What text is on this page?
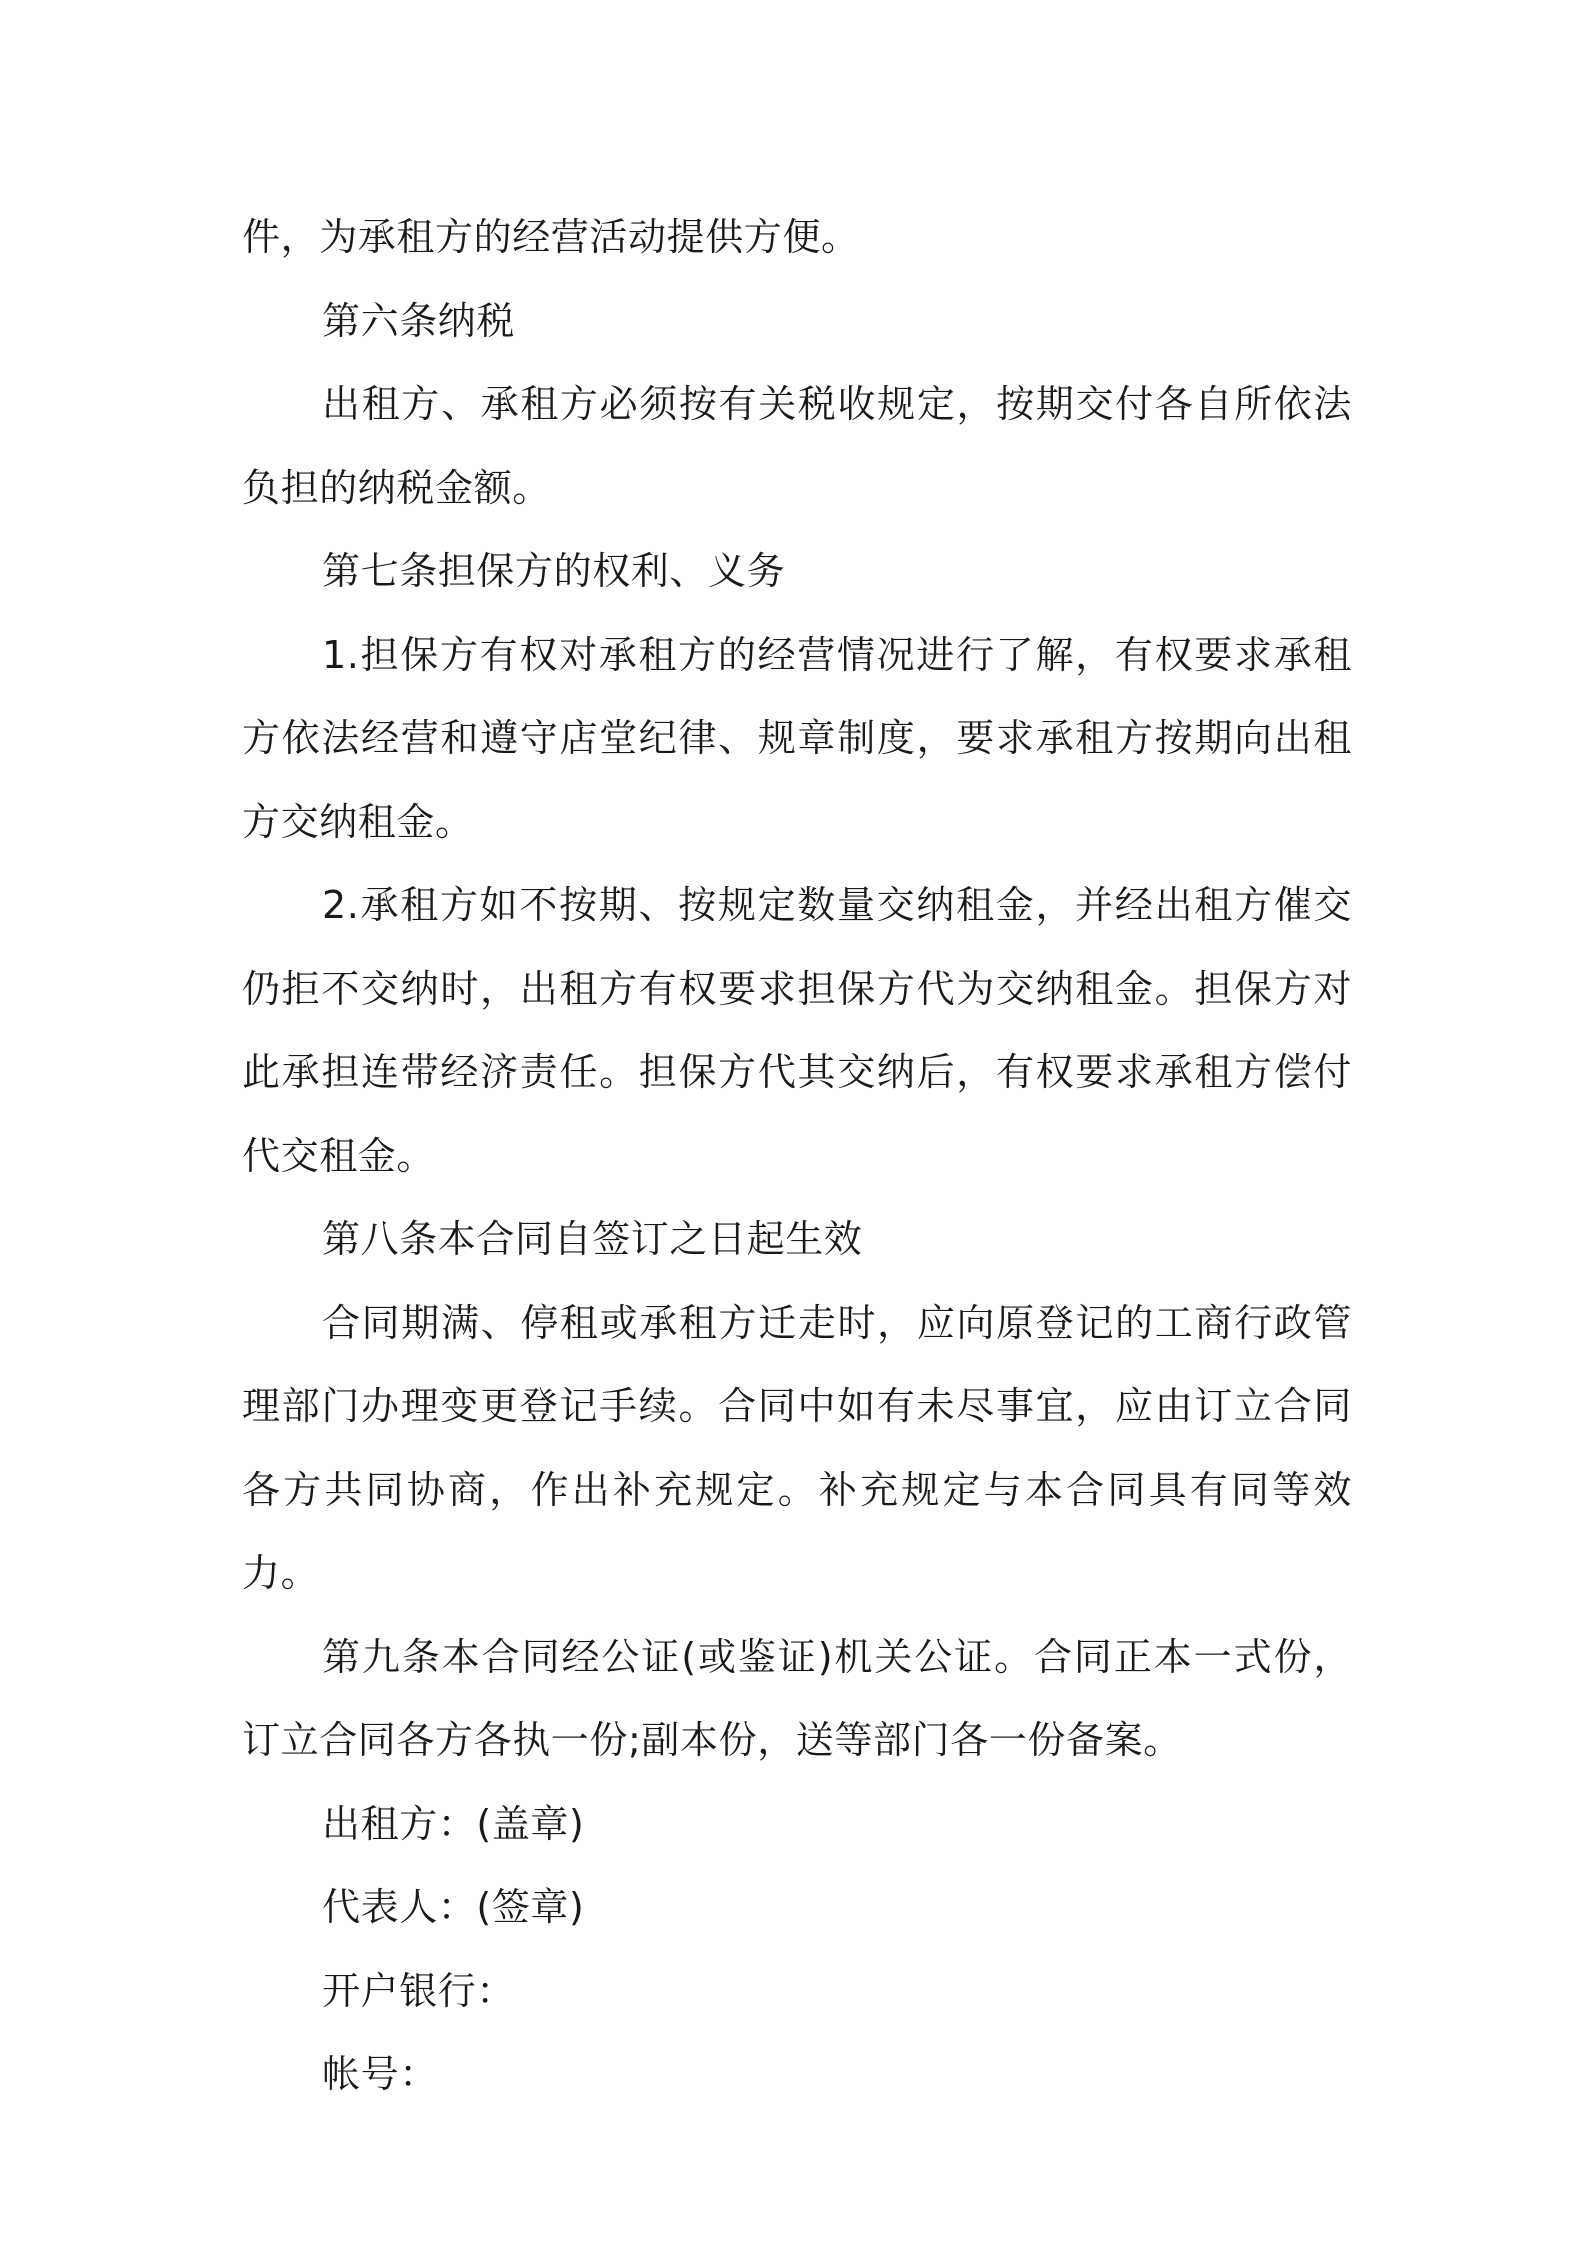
件，为承租方的经营活动提供方便。

第六条纳税

出租方、承租方必须按有关税收规定，按期交付各自所依法负担的纳税金额。

第七条担保方的权利、义务

1.担保方有权对承租方的经营情况进行了解，有权要求承租方依法经营和遵守店堂纪律、规章制度，要求承租方按期向出租方交纳租金。

2.承租方如不按期、按规定数量交纳租金，并经出租方催交仍拒不交纳时，出租方有权要求担保方代为交纳租金。担保方对此承担连带经济责任。担保方代其交纳后，有权要求承租方偿付代交租金。

第八条本合同自签订之日起生效

合同期满、停租或承租方迁走时，应向原登记的工商行政管理部门办理变更登记手续。合同中如有未尽事宜，应由订立合同各方共同协商，作出补充规定。补充规定与本合同具有同等效力。

第九条本合同经公证(或鉴证)机关公证。合同正本一式份，订立合同各方各执一份;副本份，送等部门各一份备案。

出租方：(盖章)

代表人：(签章)

开户银行：

帐号：
